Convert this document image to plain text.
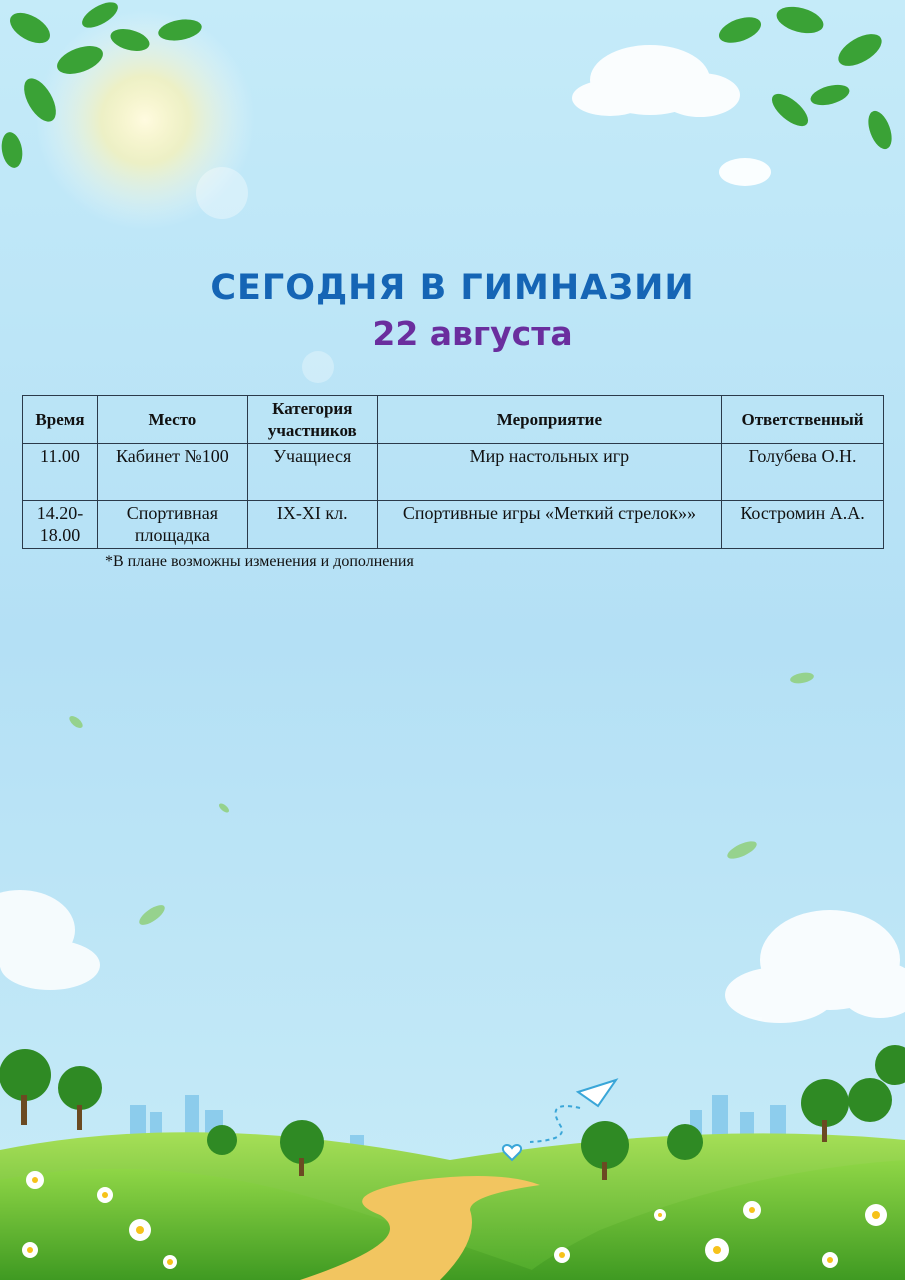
СЕГОДНЯ В ГИМНАЗИИ
22 августа
Время	Место	Категория участников	Мероприятие	Ответственный
11.00	Кабинет №100	Учащиеся	Мир настольных игр	Голубева О.Н.
14.20-18.00	Спортивная площадка	IX-XI кл.	Спортивные игры «Меткий стрелок»»	Костромин А.А.
*В плане возможны изменения и дополнения
